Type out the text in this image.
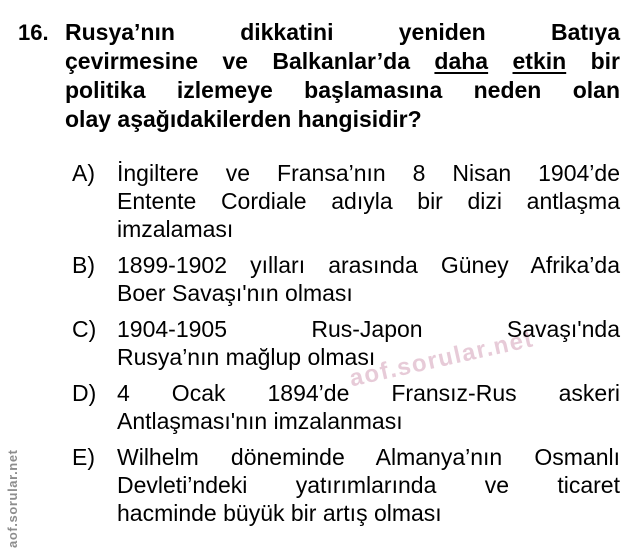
aof.sorular.net
aof.sorular.net
16. Rusya’nın dikkatini yeniden Batıya
çevirmesine ve Balkanlar’da daha etkin bir
politika izlemeye başlamasına neden olan
olay aşağıdakilerden hangisidir?
A) İngiltere ve Fransa’nın 8 Nisan 1904’de
Entente Cordiale adıyla bir dizi antlaşma
imzalaması
B) 1899-1902 yılları arasında Güney Afrika’da
Boer Savaşı'nın olması
C) 1904-1905 Rus-Japon Savaşı'nda
Rusya’nın mağlup olması
D) 4 Ocak 1894’de Fransız-Rus askeri
Antlaşması'nın imzalanması
E) Wilhelm döneminde Almanya’nın Osmanlı
Devleti’ndeki yatırımlarında ve ticaret
hacminde büyük bir artış olması
